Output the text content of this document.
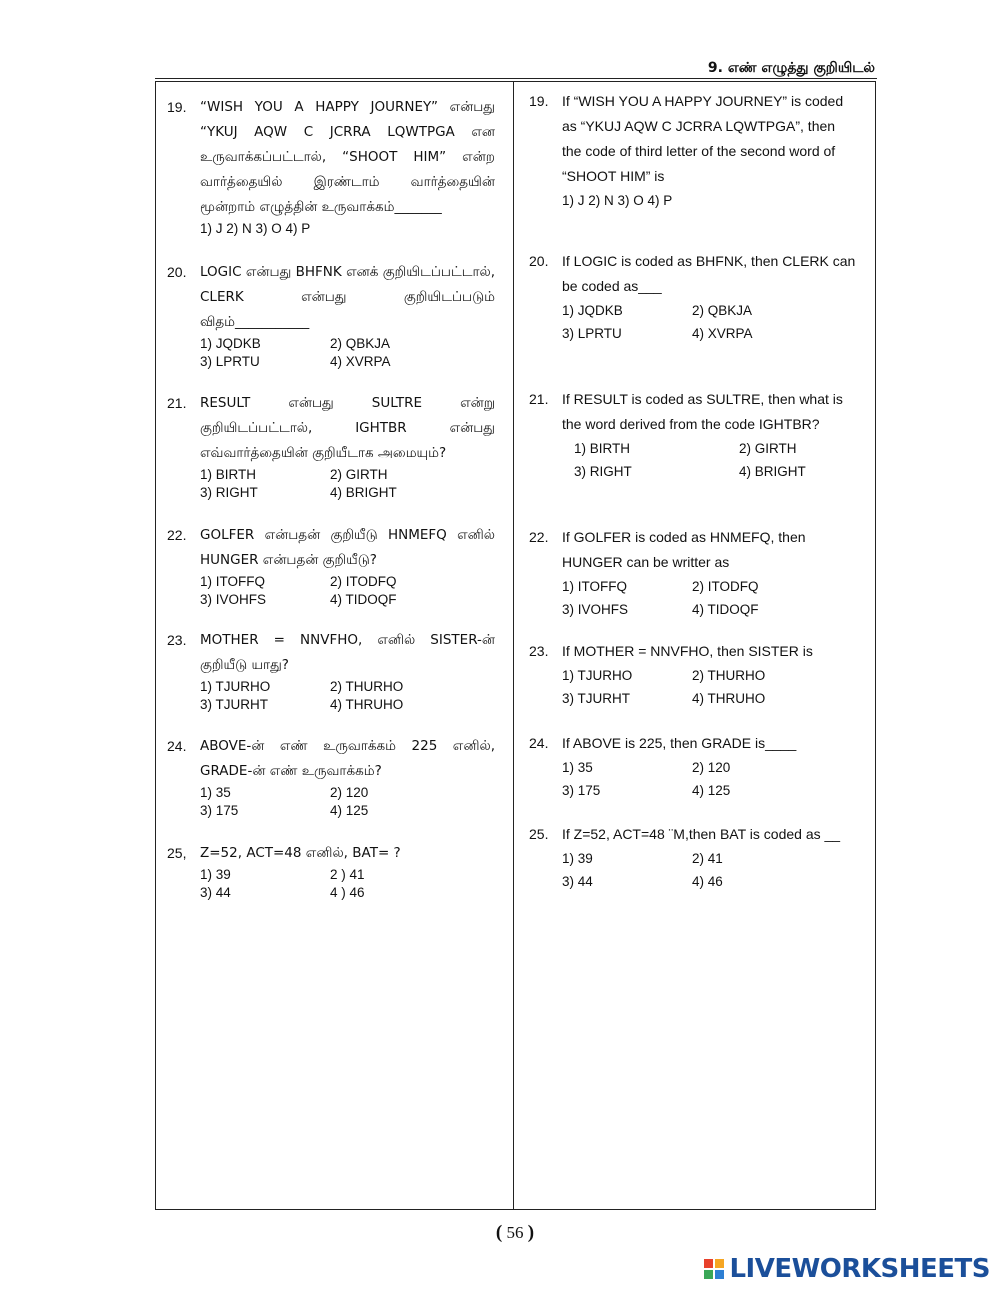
9. எண் எழுத்து குறியிடல்
19.	“WISH YOU A HAPPY JOURNEY” என்பது “YKUJ AQW C JCRRA LQWTPGA என உருவாக்கப்பட்டால், “SHOOT HIM” என்ற வார்த்தையில் இரண்டாம் வார்த்தையின் மூன்றாம் எழுத்தின் உருவாக்கம்_______
1) J 2) N 3) O 4) P
20.	LOGIC என்பது BHFNK எனக் குறியிடப்பட்டால், CLERK என்பது குறியிடப்படும் விதம்___________
1) JQDKB	2) QBKJA
3) LPRTU	4) XVRPA
21.	RESULT என்பது SULTRE என்று குறியிடப்பட்டால், IGHTBR என்பது எவ்வார்த்தையின் குறியீடாக அமையும்?
1) BIRTH	2) GIRTH
3) RIGHT	4) BRIGHT
22.	GOLFER என்பதன் குறியீடு HNMEFQ எனில் HUNGER என்பதன் குறியீடு?
1) ITOFFQ	2) ITODFQ
3) IVOHFS	4) TIDOQF
23.	MOTHER = NNVFHO, எனில் SISTER-ன் குறியீடு யாது?
1) TJURHO	2) THURHO
3) TJURHT	4) THRUHO
24.	ABOVE-ன் எண் உருவாக்கம் 225 எனில், GRADE-ன் எண் உருவாக்கம்?
1) 35	2) 120
3) 175	4) 125
25,	Z=52, ACT=48 எனில், BAT= ?
1) 39	2 ) 41
3) 44	4 ) 46
19. If “WISH YOU A HAPPY JOURNEY” is coded as “YKUJ AQW C JCRRA LQWTPGA”, then the code of third letter of the second word of “SHOOT HIM” is
1) J 2) N 3) O 4) P
20. If LOGIC is coded as BHFNK, then CLERK can be coded as___
1) JQDKB	2) QBKJA
3) LPRTU	4) XVRPA
21. If RESULT is coded as SULTRE, then what is the word derived from the code IGHTBR?
1) BIRTH	2) GIRTH
3) RIGHT	4) BRIGHT
22. If GOLFER is coded as HNMEFQ, then HUNGER can be writter as
1) ITOFFQ	2) ITODFQ
3) IVOHFS	4) TIDOQF
23. If MOTHER = NNVFHO, then SISTER is
1) TJURHO	2) THURHO
3) TJURHT	4) THRUHO
24. If ABOVE is 225, then GRADE is____
1) 35	2) 120
3) 175	4) 125
25. If Z=52, ACT=48 ¨M,then BAT is coded as __
1) 39	2) 41
3) 44	4) 46
( 56 )
LIVEWORKSHEETS
